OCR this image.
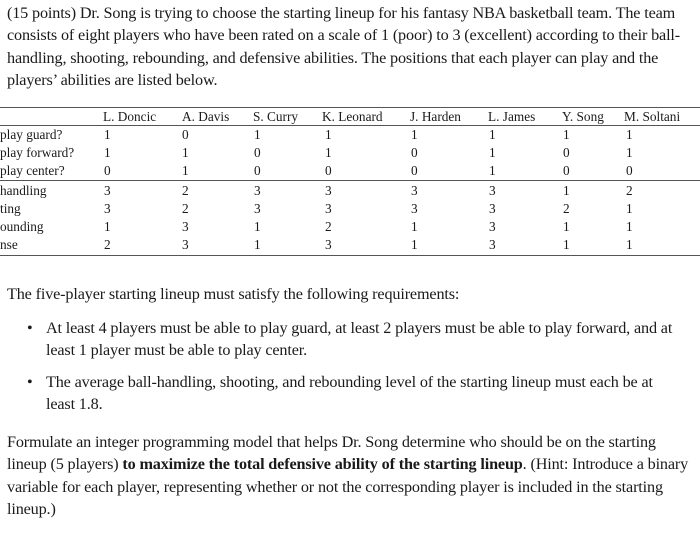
(15 points) Dr. Song is trying to choose the starting lineup for his fantasy NBA basketball team. The team consists of eight players who have been rated on a scale of 1 (poor) to 3 (excellent) according to their ball-handling, shooting, rebounding, and defensive abilities. The positions that each player can play and the players’ abilities are listed below.
L. Doncic A. Davis S. Curry K. Leonard J. Harden L. James Y. Song M. Soltani
play guard?	1	0	1	1	1	1	1	1
play forward? 1	1	0	1	0	1	0	1
play center?	0	1	0	0	0	1	0	0
handling	3	2	3	3	3	3	1	2
ting	3	2	3	3	3	3	2	1
ounding	1	3	1	2	1	3	1	1
nse	2	3	1	3	1	3	1	1
The five-player starting lineup must satisfy the following requirements:
• At least 4 players must be able to play guard, at least 2 players must be able to play forward, and at least 1 player must be able to play center.
• The average ball-handling, shooting, and rebounding level of the starting lineup must each be at least 1.8.
Formulate an integer programming model that helps Dr. Song determine who should be on the starting lineup (5 players) to maximize the total defensive ability of the starting lineup. (Hint: Introduce a binary variable for each player, representing whether or not the corresponding player is included in the starting lineup.)
